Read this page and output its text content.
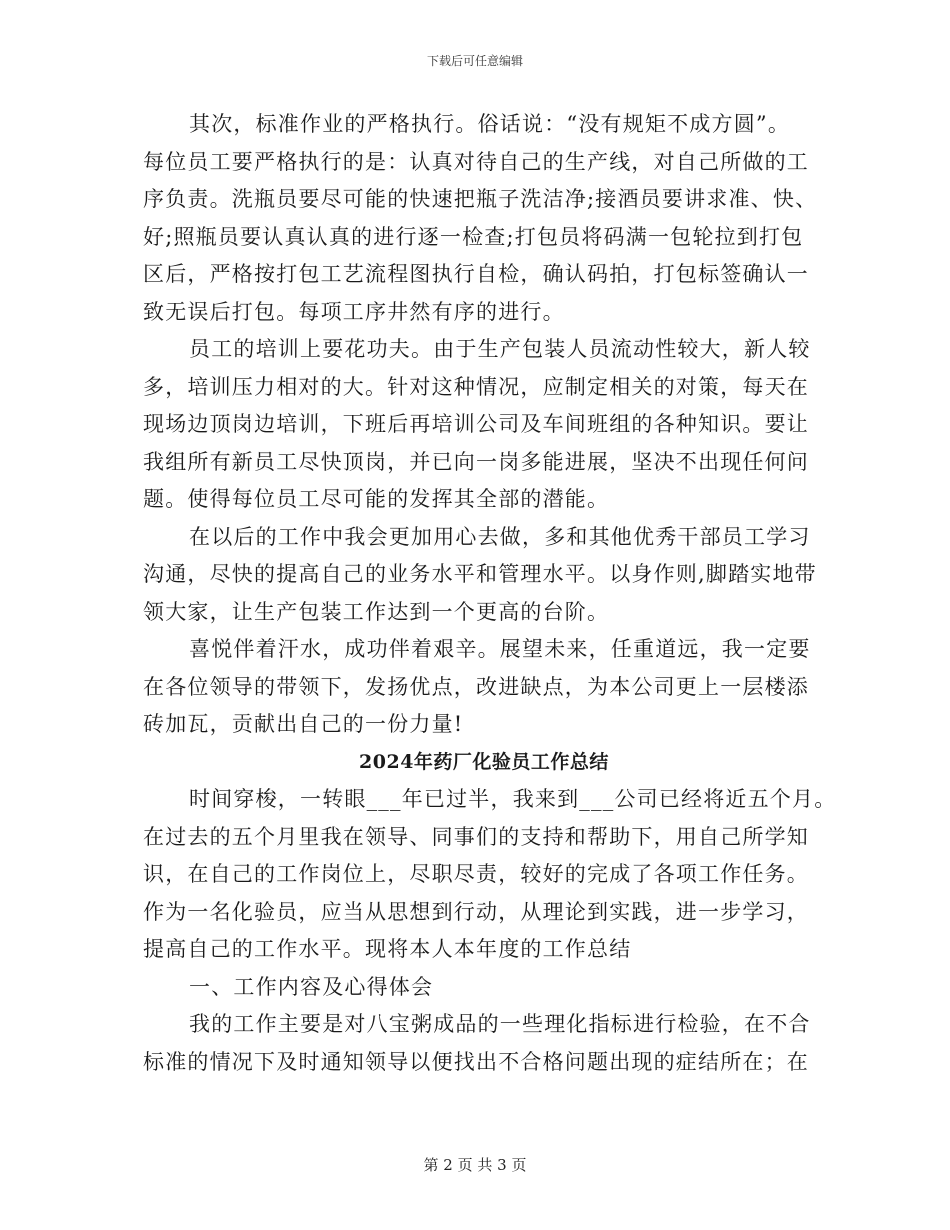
下载后可任意编辑
其次，标准作业的严格执行。俗话说：“没有规矩不成方圆”。
每位员工要严格执行的是：认真对待自己的生产线，对自己所做的工
序负责。洗瓶员要尽可能的快速把瓶子洗洁净;接酒员要讲求准、快、
好;照瓶员要认真认真的进行逐一检查;打包员将码满一包轮拉到打包
区后，严格按打包工艺流程图执行自检，确认码拍，打包标签确认一
致无误后打包。每项工序井然有序的进行。
员工的培训上要花功夫。由于生产包装人员流动性较大，新人较
多，培训压力相对的大。针对这种情况，应制定相关的对策，每天在
现场边顶岗边培训，下班后再培训公司及车间班组的各种知识。要让
我组所有新员工尽快顶岗，并已向一岗多能进展，坚决不出现任何问
题。使得每位员工尽可能的发挥其全部的潜能。
在以后的工作中我会更加用心去做，多和其他优秀干部员工学习
沟通，尽快的提高自己的业务水平和管理水平。以身作则,脚踏实地带
领大家，让生产包装工作达到一个更高的台阶。
喜悦伴着汗水，成功伴着艰辛。展望未来，任重道远，我一定要
在各位领导的带领下，发扬优点，改进缺点，为本公司更上一层楼添
砖加瓦，贡献出自己的一份力量!
2024年药厂化验员工作总结
时间穿梭，一转眼___年已过半，我来到___公司已经将近五个月。
在过去的五个月里我在领导、同事们的支持和帮助下，用自己所学知
识，在自己的工作岗位上，尽职尽责，较好的完成了各项工作任务。
作为一名化验员，应当从思想到行动，从理论到实践，进一步学习，
提高自己的工作水平。现将本人本年度的工作总结
一、工作内容及心得体会
我的工作主要是对八宝粥成品的一些理化指标进行检验，在不合
标准的情况下及时通知领导以便找出不合格问题出现的症结所在；在
第 2 页 共 3 页
